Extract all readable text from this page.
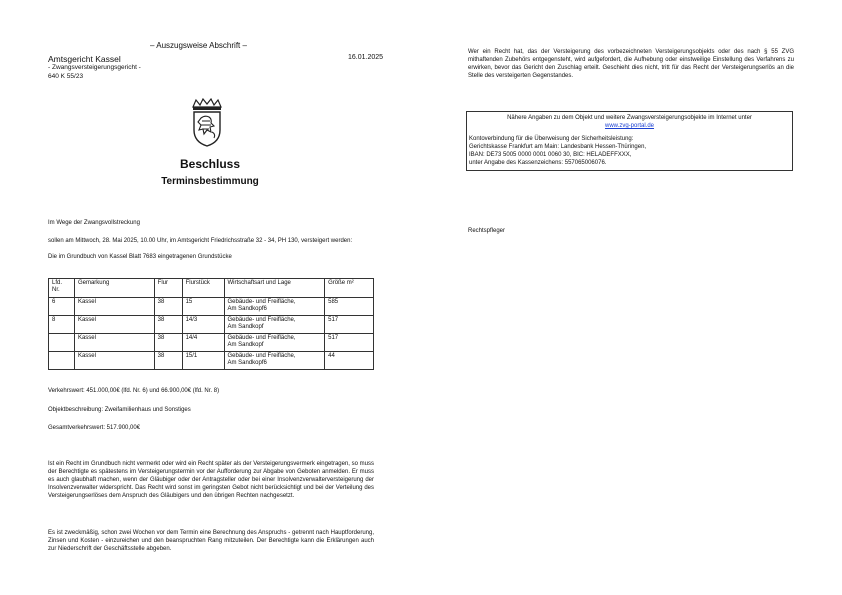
– Auszugsweise Abschrift –
Amtsgericht Kassel	16.01.2025
- Zwangsversteigerungsgericht -
640 K 55/23
Beschluss
Terminsbestimmung
Im Wege der Zwangsvollstreckung
sollen am Mittwoch, 28. Mai 2025, 10.00 Uhr, im Amtsgericht Friedrichsstraße 32 - 34, PH 130, versteigert werden:
Die im Grundbuch von Kassel Blatt 7683 eingetragenen Grundstücke
Lfd. Nr.	Gemarkung	Flur	Flurstück	Wirtschaftsart und Lage	Größe m²
6	Kassel	38	15	Gebäude- und Freifläche,
Am Sandkopf6	585
8	Kassel	38	14/3	Gebäude- und Freifläche,
Am Sandkopf	517
	Kassel	38	14/4	Gebäude- und Freifläche,
Am Sandkopf	517
	Kassel	38	15/1	Gebäude- und Freifläche,
Am Sandkopf6	44
Verkehrswert: 451.000,00€ (lfd. Nr. 6) und 66.900,00€ (lfd. Nr. 8)
Objektbeschreibung: Zweifamilienhaus und Sonstiges
Gesamtverkehrswert: 517.900,00€
Ist ein Recht im Grundbuch nicht vermerkt oder wird ein Recht später als der Versteigerungsvermerk eingetragen, so muss der Berechtigte es spätestens im Versteigerungstermin vor der Aufforderung zur Abgabe von Geboten anmelden. Er muss es auch glaubhaft machen, wenn der Gläubiger oder der Antragsteller oder bei einer Insolvenzverwalterversteigerung der Insolvenzverwalter widerspricht. Das Recht wird sonst im geringsten Gebot nicht berücksichtigt und bei der Verteilung des Versteigerungserlöses dem Anspruch des Gläubigers und den übrigen Rechten nachgesetzt.
Es ist zweckmäßig, schon zwei Wochen vor dem Termin eine Berechnung des Anspruchs - getrennt nach Hauptforderung, Zinsen und Kosten - einzureichen und den beanspruchten Rang mitzuteilen. Der Berechtigte kann die Erklärungen auch zur Niederschrift der Geschäftsstelle abgeben.
Wer ein Recht hat, das der Versteigerung des vorbezeichneten Versteigerungsobjekts oder des nach § 55 ZVG mithaftenden Zubehörs entgegensteht, wird aufgefordert, die Aufhebung oder einstweilige Einstellung des Verfahrens zu erwirken, bevor das Gericht den Zuschlag erteilt. Geschieht dies nicht, tritt für das Recht der Versteigerungserlös an die Stelle des versteigerten Gegenstandes.
Nähere Angaben zu dem Objekt und weitere Zwangsversteigerungsobjekte im Internet unter
www.zvg-portal.de
Kontoverbindung für die Überweisung der Sicherheitsleistung:
Gerichtskasse Frankfurt am Main: Landesbank Hessen-Thüringen,
IBAN: DE73 5005 0000 0001 0060 30, BIC: HELADEFFXXX,
unter Angabe des Kassenzeichens: 557065006076.
Rechtspfleger
